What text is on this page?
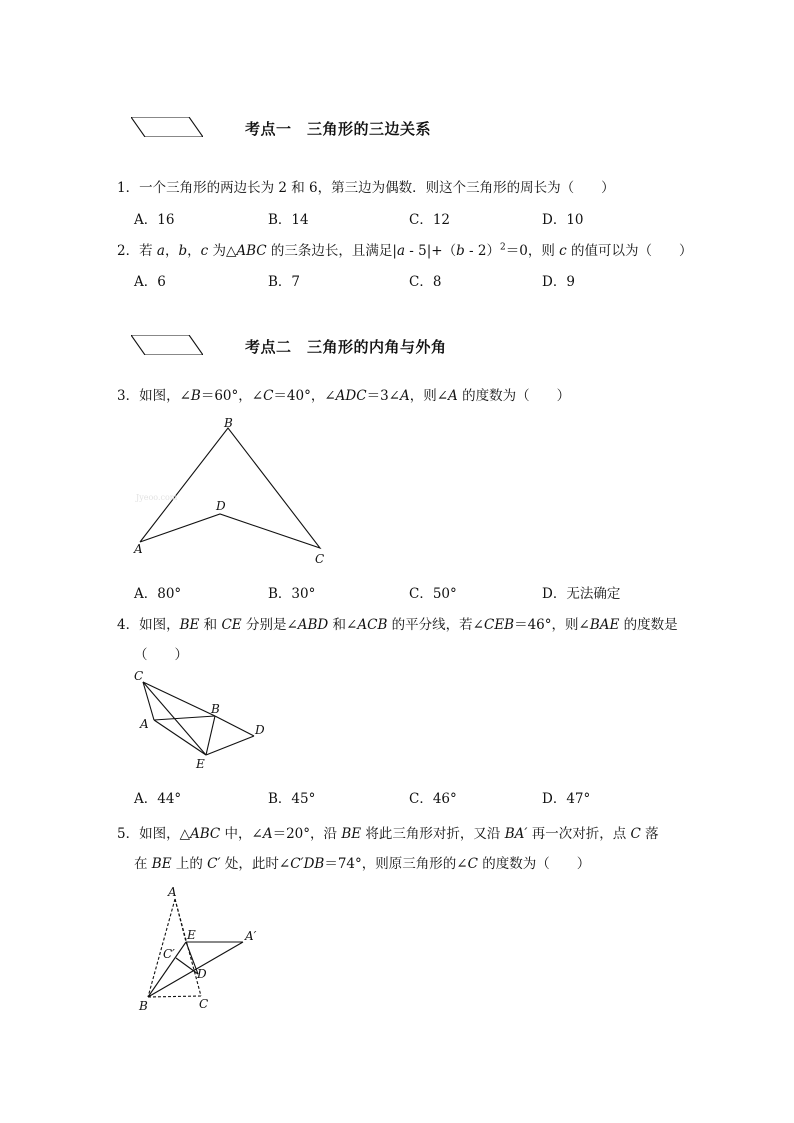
考点一　三角形的三边关系
1．一个三角形的两边长为 2 和 6，第三边为偶数．则这个三角形的周长为（　　）
A．16	B．14	C．12	D．10
2．若 a，b，c 为△ABC 的三条边长，且满足|a - 5|+（b - 2）$^2$＝0，则 c 的值可以为（　　）
A．6	B．7	C．8	D．9
考点二　三角形的内角与外角
3．如图，∠B＝60°，∠C＝40°，∠ADC＝3∠A，则∠A 的度数为（　　）
B
D
A
C
Jyeoo.com
A．80°	B．30°	C．50°	D．无法确定
4．如图，BE 和 CE 分别是∠ABD 和∠ACB 的平分线，若∠CEB＝46°，则∠BAE 的度数是
（　　）
C
A
B
D
E
A．44°	B．45°	C．46°	D．47°
5．如图，△ABC 中，∠A＝20°，沿 BE 将此三角形对折，又沿 BA′ 再一次对折，点 C 落
在 BE 上的 C′ 处，此时∠C′DB＝74°，则原三角形的∠C 的度数为（　　）
A
E	A′
C′
D
B	C
